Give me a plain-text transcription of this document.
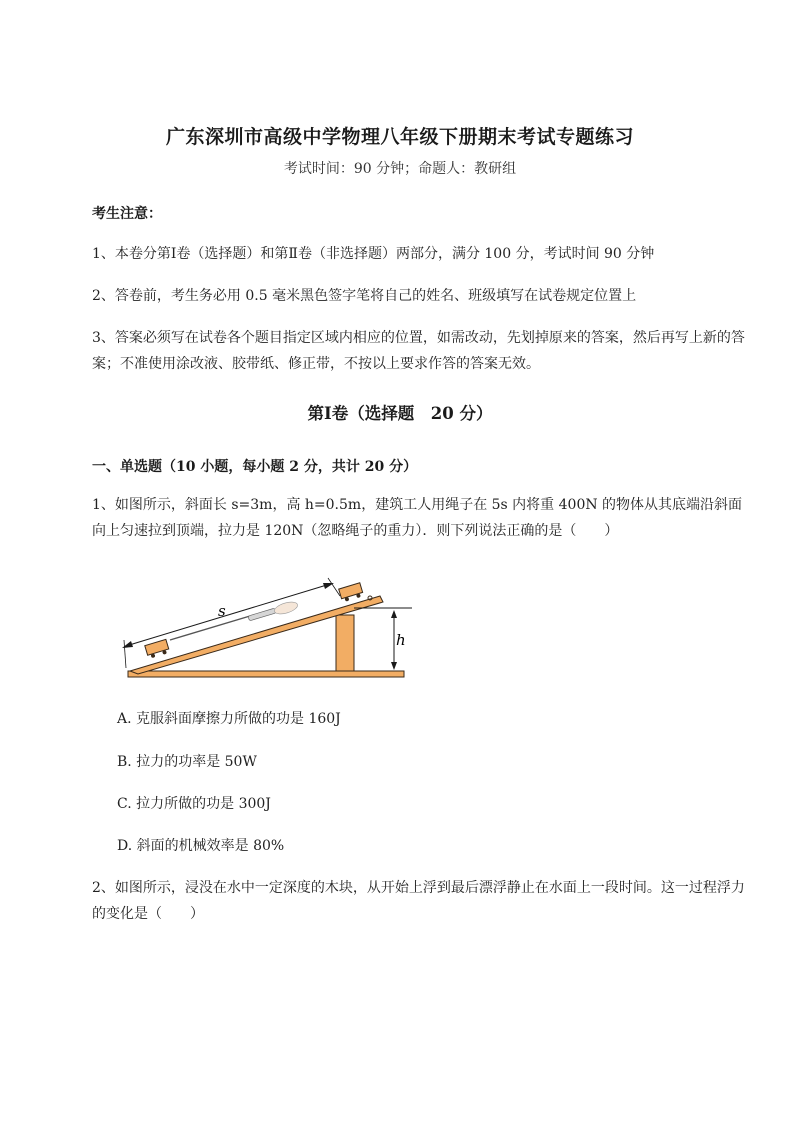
广东深圳市高级中学物理八年级下册期末考试专题练习
考试时间：90 分钟；命题人：教研组
考生注意：
1、本卷分第Ⅰ卷（选择题）和第Ⅱ卷（非选择题）两部分，满分 100 分，考试时间 90 分钟
2、答卷前，考生务必用 0.5 毫米黑色签字笔将自己的姓名、班级填写在试卷规定位置上
3、答案必须写在试卷各个题目指定区域内相应的位置，如需改动，先划掉原来的答案，然后再写上新的答案；不准使用涂改液、胶带纸、修正带，不按以上要求作答的答案无效。
第Ⅰ卷（选择题　20 分）
一、单选题（10 小题，每小题 2 分，共计 20 分）
1、如图所示，斜面长 s=3m，高 h=0.5m，建筑工人用绳子在 5s 内将重 400N 的物体从其底端沿斜面向上匀速拉到顶端，拉力是 120N（忽略绳子的重力）．则下列说法正确的是（　　）
h
s
A. 克服斜面摩擦力所做的功是 160J
B. 拉力的功率是 50W
C. 拉力所做的功是 300J
D. 斜面的机械效率是 80%
2、如图所示，浸没在水中一定深度的木块，从开始上浮到最后漂浮静止在水面上一段时间。这一过程浮力的变化是（　　）
